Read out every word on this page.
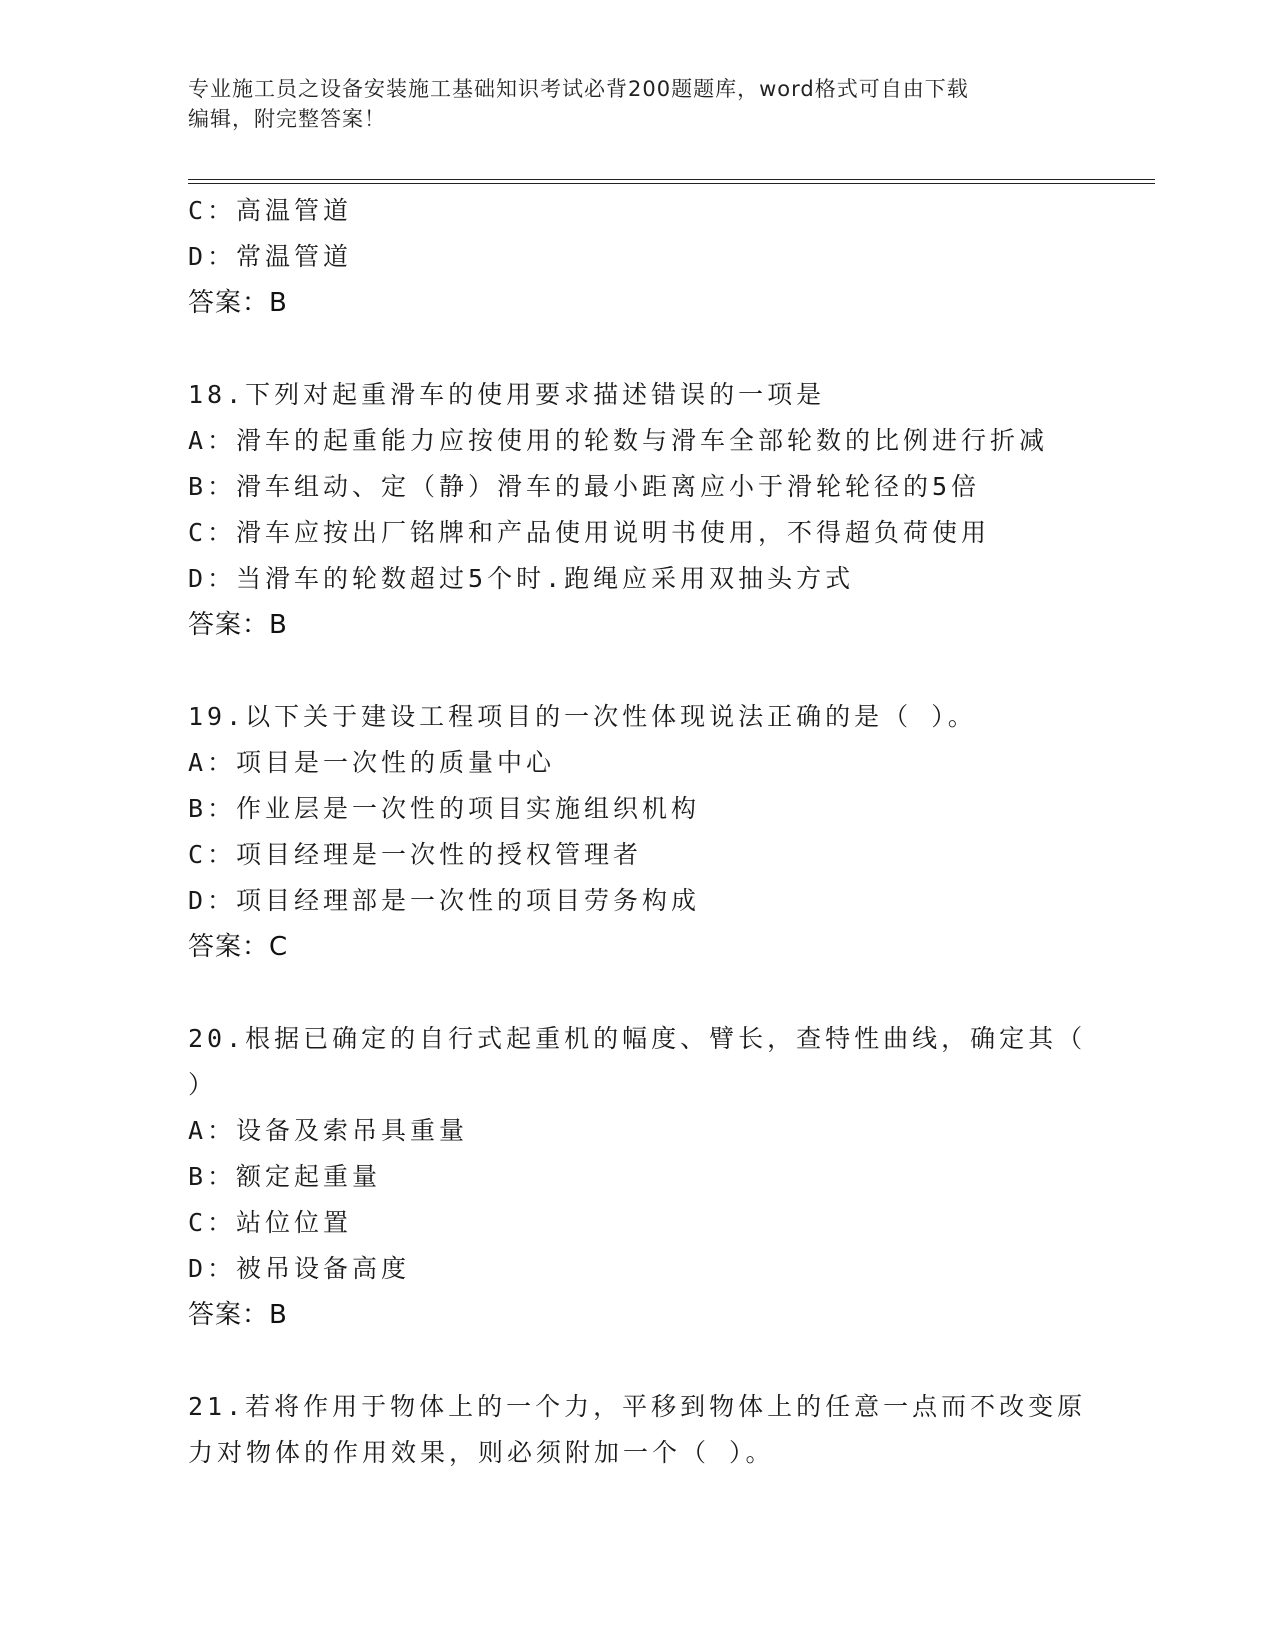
专业施工员之设备安装施工基础知识考试必背200题题库，word格式可自由下载
编辑，附完整答案！
C：高温管道
D：常温管道
答案：B
18.下列对起重滑车的使用要求描述错误的一项是
A：滑车的起重能力应按使用的轮数与滑车全部轮数的比例进行折减
B：滑车组动、定（静）滑车的最小距离应小于滑轮轮径的5倍
C：滑车应按出厂铭牌和产品使用说明书使用，不得超负荷使用
D：当滑车的轮数超过5个时.跑绳应采用双抽头方式
答案：B
19.以下关于建设工程项目的一次性体现说法正确的是（ ）。
A：项目是一次性的质量中心
B：作业层是一次性的项目实施组织机构
C：项目经理是一次性的授权管理者
D：项目经理部是一次性的项目劳务构成
答案：C
20.根据已确定的自行式起重机的幅度、臂长，查特性曲线，确定其（
）
A：设备及索吊具重量
B：额定起重量
C：站位位置
D：被吊设备高度
答案：B
21.若将作用于物体上的一个力，平移到物体上的任意一点而不改变原
力对物体的作用效果，则必须附加一个（ ）。
